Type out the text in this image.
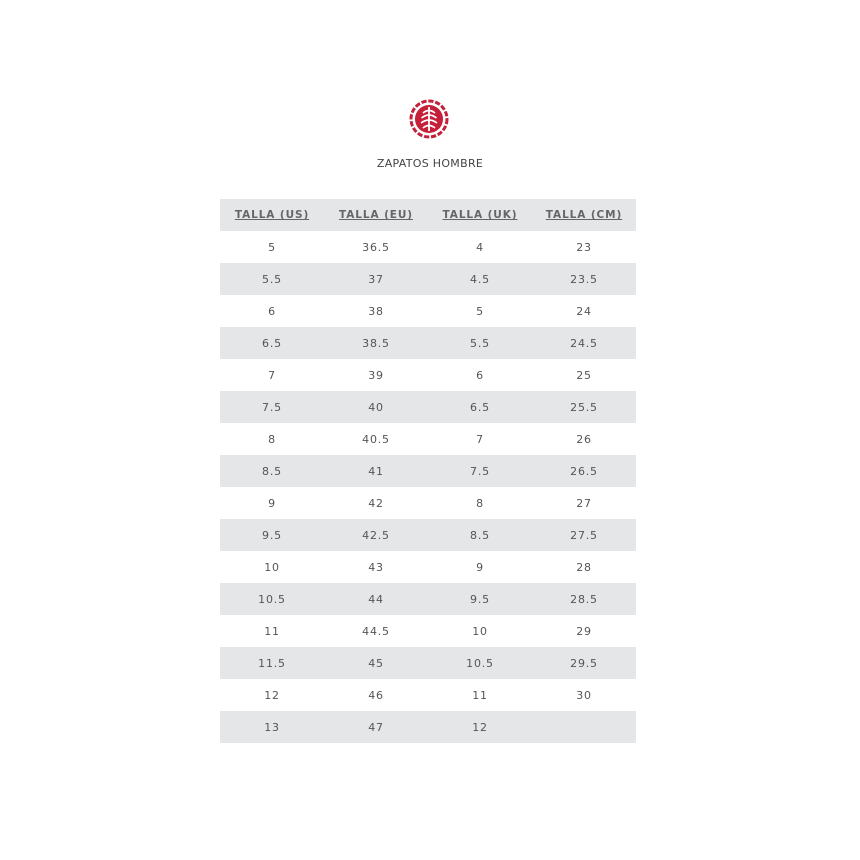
ZAPATOS HOMBRE
TALLA (US)	TALLA (EU)	TALLA (UK)	TALLA (CM)
5	36.5	4	23
5.5	37	4.5	23.5
6	38	5	24
6.5	38.5	5.5	24.5
7	39	6	25
7.5	40	6.5	25.5
8	40.5	7	26
8.5	41	7.5	26.5
9	42	8	27
9.5	42.5	8.5	27.5
10	43	9	28
10.5	44	9.5	28.5
11	44.5	10	29
11.5	45	10.5	29.5
12	46	11	30
13	47	12	
